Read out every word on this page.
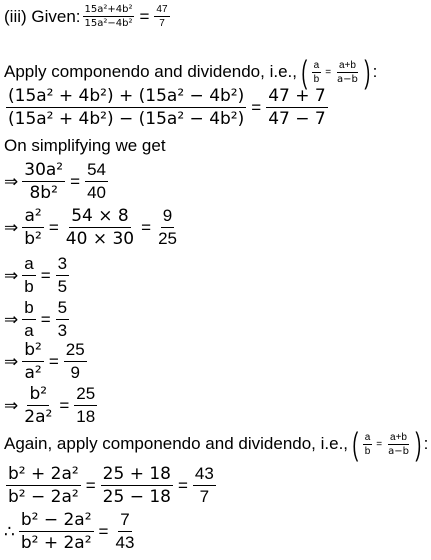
(iii) Given: $\frac{\text{15a²+4b²}}{\text{15a²−4b²}} = \frac{47}{7}$
Apply componendo and dividendo, i.e., ( $\frac{a}{b} = \frac{a+b}{a-b}$ ) :
$\frac{\text{(15a² + 4b²) + (15a² − 4b²)}}{\text{(15a² + 4b²) − (15a² − 4b²)}} = \frac{47 + 7}{47 - 7}$
On simplifying we get
⇒ $\frac{\text{30a²}}{\text{8b²}} = \frac{54}{40}$
⇒ $\frac{\text{a²}}{\text{b²}} = \frac{54 \times 8}{40 \times 30} = \frac{9}{25}$
⇒ $\frac{a}{b} = \frac{3}{5}$
⇒ $\frac{b}{a} = \frac{5}{3}$
⇒ $\frac{\text{b²}}{\text{a²}} = \frac{25}{9}$
⇒ $\frac{\text{b²}}{\text{2a²}} = \frac{25}{18}$
Again, apply componendo and dividendo, i.e., ( $\frac{a}{b} = \frac{a+b}{a-b}$ ) :
$\frac{\text{b² + 2a²}}{\text{b² − 2a²}} = \frac{25 + 18}{25 - 18} = \frac{43}{7}$
∴ $\frac{\text{b² − 2a²}}{\text{b² + 2a²}} = \frac{7}{43}$
